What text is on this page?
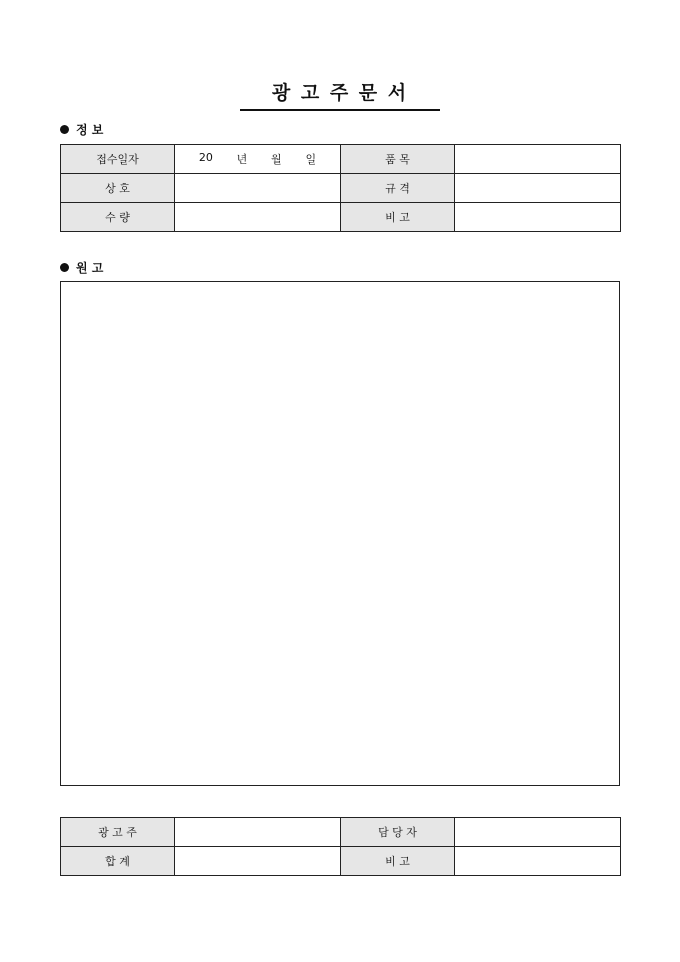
광 고 주 문 서
정 보
접수일자	20 년 월 일	품 목	
상 호		규 격	
수 량		비 고	
원 고
광 고 주		담 당 자	
합 계		비 고	
